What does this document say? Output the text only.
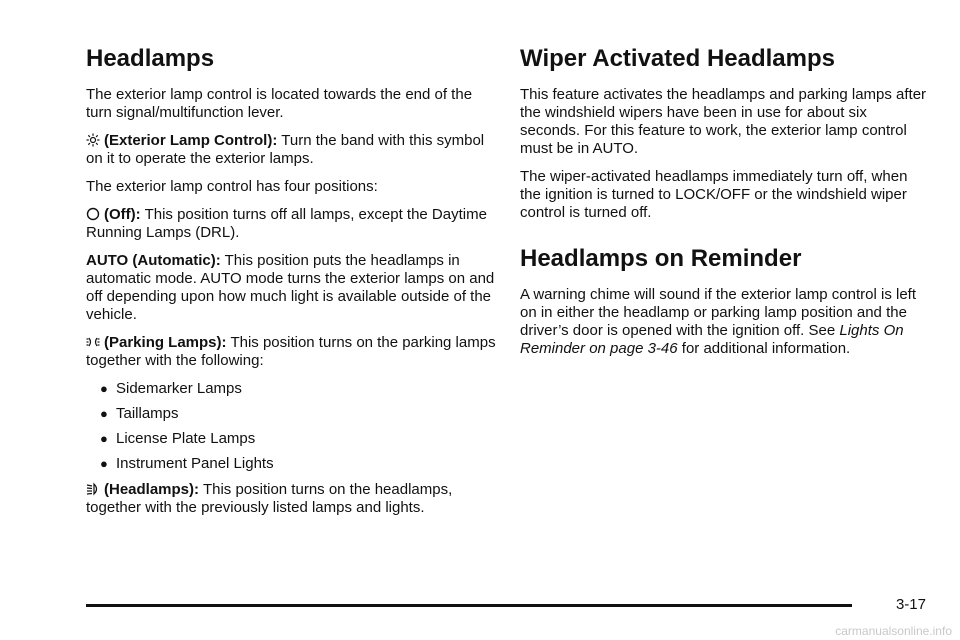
Headlamps

The exterior lamp control is located towards the end of the turn signal/multifunction lever.

(Exterior Lamp Control): Turn the band with this symbol on it to operate the exterior lamps.

The exterior lamp control has four positions:

(Off): This position turns off all lamps, except the Daytime Running Lamps (DRL).

AUTO (Automatic): This position puts the headlamps in automatic mode. AUTO mode turns the exterior lamps on and off depending upon how much light is available outside of the vehicle.

(Parking Lamps): This position turns on the parking lamps together with the following:

● Sidemarker Lamps
● Taillamps
● License Plate Lamps
● Instrument Panel Lights

(Headlamps): This position turns on the headlamps, together with the previously listed lamps and lights.

Wiper Activated Headlamps

This feature activates the headlamps and parking lamps after the windshield wipers have been in use for about six seconds. For this feature to work, the exterior lamp control must be in AUTO.

The wiper-activated headlamps immediately turn off, when the ignition is turned to LOCK/OFF or the windshield wiper control is turned off.

Headlamps on Reminder

A warning chime will sound if the exterior lamp control is left on in either the headlamp or parking lamp position and the driver’s door is opened with the ignition off. See Lights On Reminder on page 3-46 for additional information.

3-17
carmanualsonline.info
